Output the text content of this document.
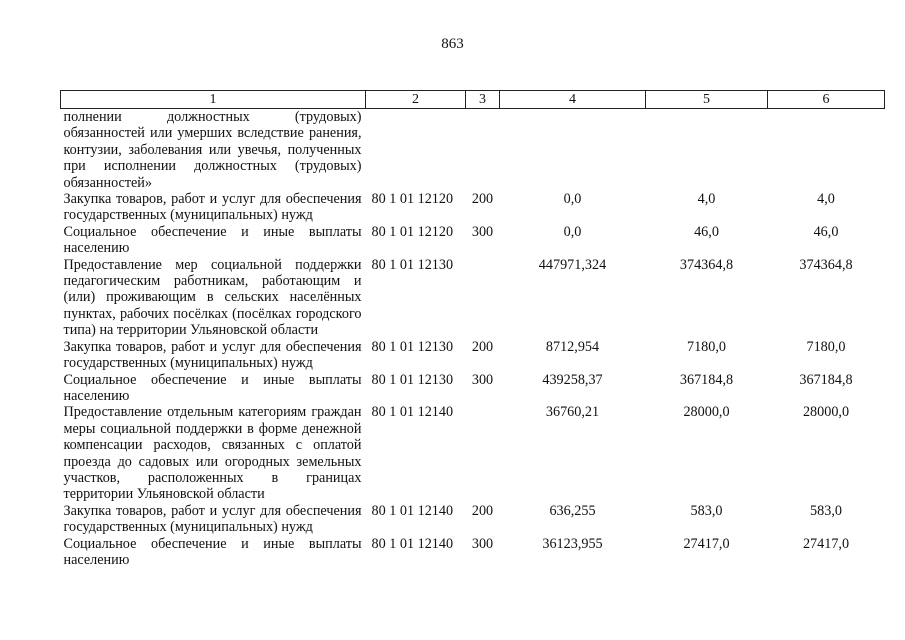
863
1	2	3	4	5	6
полнении должностных (трудовых) обязанностей или умерших вследствие ранения, контузии, заболевания или увечья, полученных при исполнении должностных (трудовых) обязанностей»					
Закупка товаров, работ и услуг для обеспечения государственных (муниципальных) нужд	80 1 01 12120	200	0,0	4,0	4,0
Социальное обеспечение и иные выплаты населению	80 1 01 12120	300	0,0	46,0	46,0
Предоставление мер социальной поддержки педагогическим работникам, работающим и (или) проживающим в сельских населённых пунктах, рабочих посёлках (посёлках городского типа) на территории Ульяновской области	80 1 01 12130		447971,324	374364,8	374364,8
Закупка товаров, работ и услуг для обеспечения государственных (муниципальных) нужд	80 1 01 12130	200	8712,954	7180,0	7180,0
Социальное обеспечение и иные выплаты населению	80 1 01 12130	300	439258,37	367184,8	367184,8
Предоставление отдельным категориям граждан меры социальной поддержки в форме денежной компенсации расходов, связанных с оплатой проезда до садовых или огородных земельных участков, расположенных в границах территории Ульяновской области	80 1 01 12140		36760,21	28000,0	28000,0
Закупка товаров, работ и услуг для обеспечения государственных (муниципальных) нужд	80 1 01 12140	200	636,255	583,0	583,0
Социальное обеспечение и иные выплаты населению	80 1 01 12140	300	36123,955	27417,0	27417,0
